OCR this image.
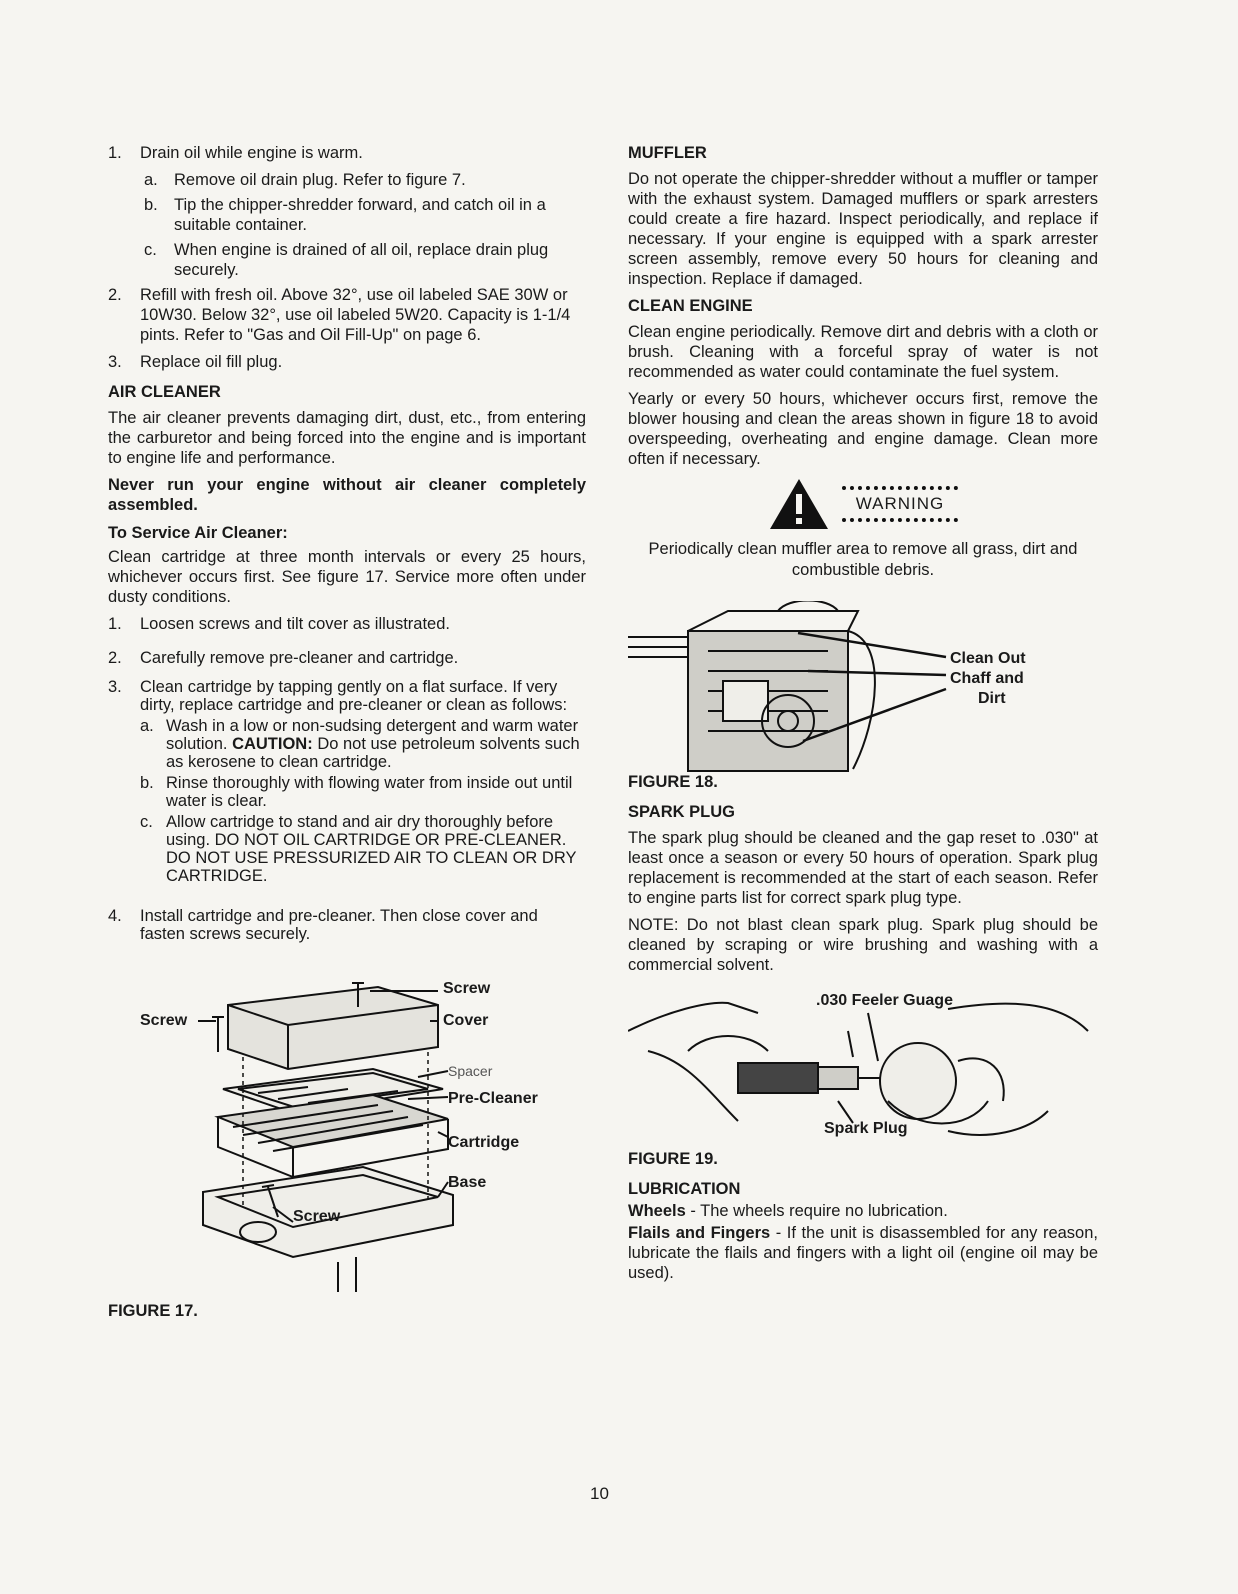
1. Drain oil while engine is warm.
a. Remove oil drain plug. Refer to figure 7.
b. Tip the chipper-shredder forward, and catch oil in a suitable container.
c. When engine is drained of all oil, replace drain plug securely.
2. Refill with fresh oil. Above 32°, use oil labeled SAE 30W or 10W30. Below 32°, use oil labeled 5W20. Capacity is 1-1/4 pints. Refer to "Gas and Oil Fill-Up" on page 6.
3. Replace oil fill plug.
AIR CLEANER

The air cleaner prevents damaging dirt, dust, etc., from entering the carburetor and being forced into the engine and is important to engine life and performance.

Never run your engine without air cleaner completely assembled.

To Service Air Cleaner:

Clean cartridge at three month intervals or every 25 hours, whichever occurs first. See figure 17. Service more often under dusty conditions.

1. Loosen screws and tilt cover as illustrated.
2. Carefully remove pre-cleaner and cartridge.
3. Clean cartridge by tapping gently on a flat surface. If very dirty, replace cartridge and pre-cleaner or clean as follows:
a. Wash in a low or non-sudsing detergent and warm water solution. CAUTION: Do not use petroleum solvents such as kerosene to clean cartridge.
b. Rinse thoroughly with flowing water from inside out until water is clear.
c. Allow cartridge to stand and air dry thoroughly before using. DO NOT OIL CARTRIDGE OR PRE-CLEANER. DO NOT USE PRESSURIZED AIR TO CLEAN OR DRY CARTRIDGE.
4. Install cartridge and pre-cleaner. Then close cover and fasten screws securely.
Screw
Screw	Cover
Spacer
Pre-Cleaner
Cartridge
Base
Screw
FIGURE 17.
MUFFLER

Do not operate the chipper-shredder without a muffler or tamper with the exhaust system. Damaged mufflers or spark arresters could create a fire hazard. Inspect periodically, and replace if necessary. If your engine is equipped with a spark arrester screen assembly, remove every 50 hours for cleaning and inspection. Replace if damaged.

CLEAN ENGINE

Clean engine periodically. Remove dirt and debris with a cloth or brush. Cleaning with a forceful spray of water is not recommended as water could contaminate the fuel system.

Yearly or every 50 hours, whichever occurs first, remove the blower housing and clean the areas shown in figure 18 to avoid overspeeding, overheating and engine damage. Clean more often if necessary.

WARNING
Periodically clean muffler area to remove all grass, dirt and combustible debris.
Clean Out
Chaff and
Dirt
FIGURE 18.
SPARK PLUG

The spark plug should be cleaned and the gap reset to .030" at least once a season or every 50 hours of operation. Spark plug replacement is recommended at the start of each season. Refer to engine parts list for correct spark plug type.

NOTE: Do not blast clean spark plug. Spark plug should be cleaned by scraping or wire brushing and washing with a commercial solvent.

.030 Feeler Guage
Spark Plug
FIGURE 19.
LUBRICATION

Wheels - The wheels require no lubrication.

Flails and Fingers - If the unit is disassembled for any reason, lubricate the flails and fingers with a light oil (engine oil may be used).

10
